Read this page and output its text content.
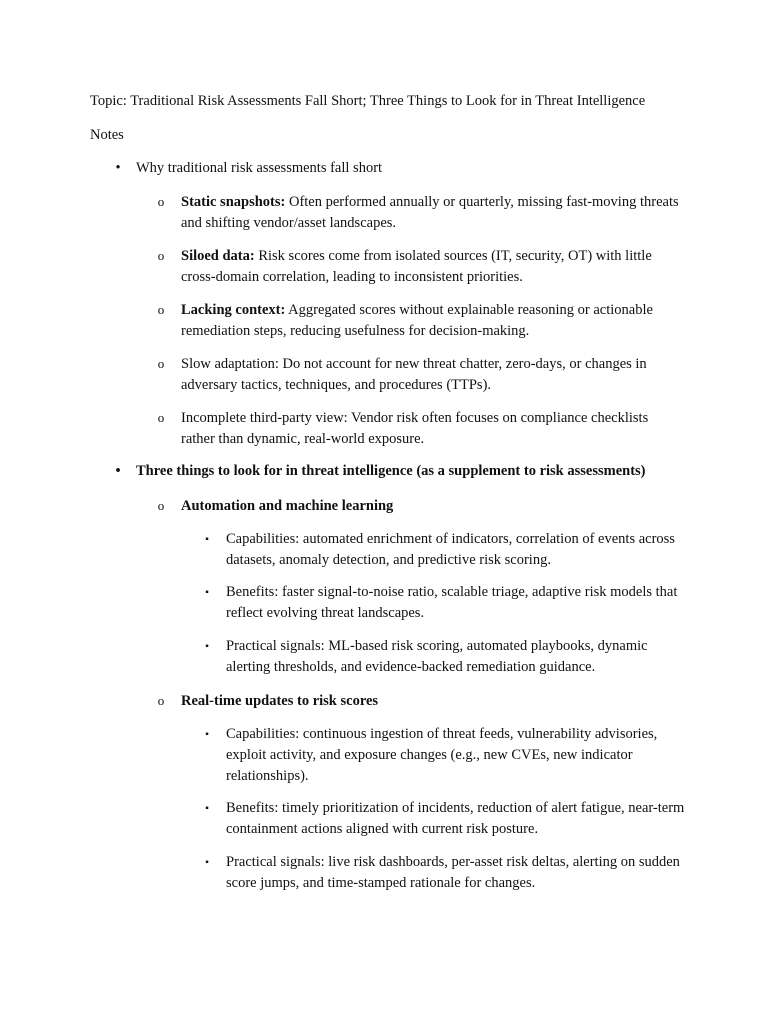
Topic: Traditional Risk Assessments Fall Short; Three Things to Look for in Threat Intelligence
Notes
• Why traditional risk assessments fall short
o Static snapshots: Often performed annually or quarterly, missing fast-moving threats and shifting vendor/asset landscapes.
o Siloed data: Risk scores come from isolated sources (IT, security, OT) with little cross-domain correlation, leading to inconsistent priorities.
o Lacking context: Aggregated scores without explainable reasoning or actionable remediation steps, reducing usefulness for decision-making.
o Slow adaptation: Do not account for new threat chatter, zero-days, or changes in adversary tactics, techniques, and procedures (TTPs).
o Incomplete third-party view: Vendor risk often focuses on compliance checklists rather than dynamic, real-world exposure.
• Three things to look for in threat intelligence (as a supplement to risk assessments)
o Automation and machine learning
▪ Capabilities: automated enrichment of indicators, correlation of events across datasets, anomaly detection, and predictive risk scoring.
▪ Benefits: faster signal-to-noise ratio, scalable triage, adaptive risk models that reflect evolving threat landscapes.
▪ Practical signals: ML-based risk scoring, automated playbooks, dynamic alerting thresholds, and evidence-backed remediation guidance.
o Real-time updates to risk scores
▪ Capabilities: continuous ingestion of threat feeds, vulnerability advisories, exploit activity, and exposure changes (e.g., new CVEs, new indicator relationships).
▪ Benefits: timely prioritization of incidents, reduction of alert fatigue, near-term containment actions aligned with current risk posture.
▪ Practical signals: live risk dashboards, per-asset risk deltas, alerting on sudden score jumps, and time-stamped rationale for changes.
